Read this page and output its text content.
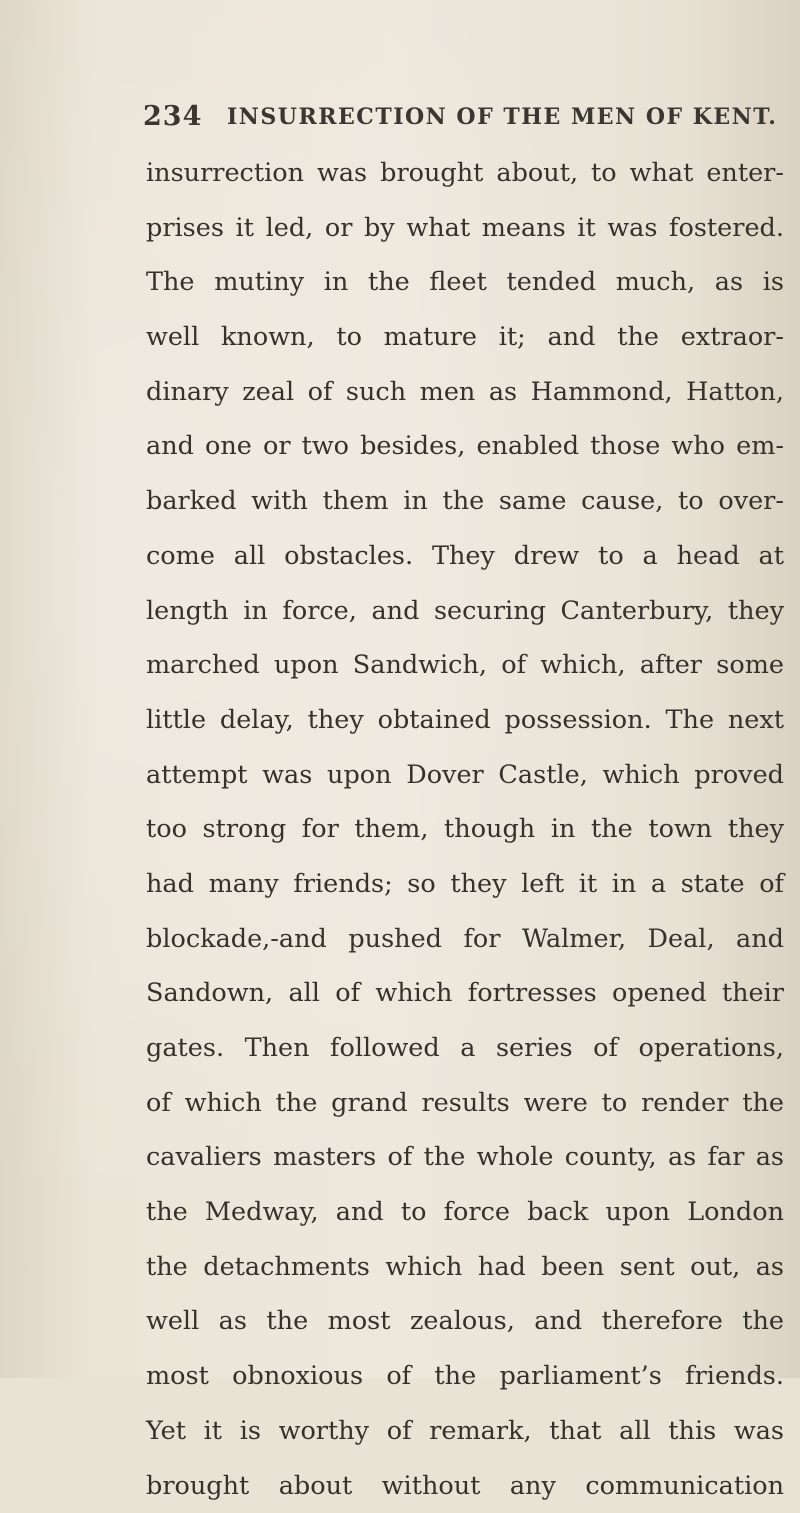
234 INSURRECTION OF THE MEN OF KENT.
insurrection was brought about, to what enter-
prises it led, or by what means it was fostered.
The mutiny in the fleet tended much, as is
well known, to mature it; and the extraor-
dinary zeal of such men as Hammond, Hatton,
and one or two besides, enabled those who em-
barked with them in the same cause, to over-
come all obstacles. They drew to a head at
length in force, and securing Canterbury, they
marched upon Sandwich, of which, after some
little delay, they obtained possession. The next
attempt was upon Dover Castle, which proved
too strong for them, though in the town they
had many friends; so they left it in a state of
blockade,-and pushed for Walmer, Deal, and
Sandown, all of which fortresses opened their
gates. Then followed a series of operations,
of which the grand results were to render the
cavaliers masters of the whole county, as far as
the Medway, and to force back upon London
the detachments which had been sent out, as
well as the most zealous, and therefore the
most obnoxious of the parliament’s friends.
Yet it is worthy of remark, that all this was
brought about without any communication
